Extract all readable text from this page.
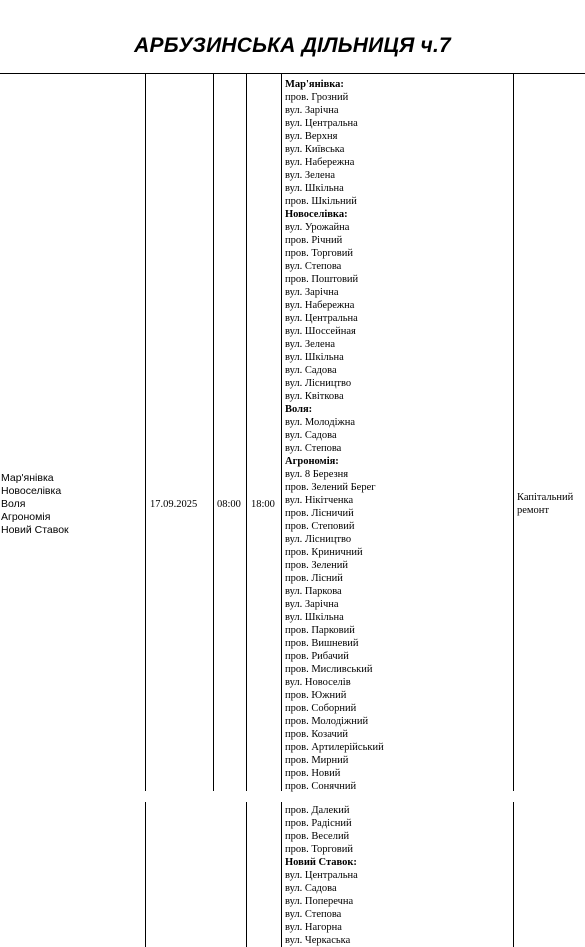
АРБУЗИНСЬКА ДІЛЬНИЦЯ ч.7
Мар'янівка
Новоселівка
Воля
Агрономія
Новий Ставок
17.09.2025 08:00 18:00
Капітальний
ремонт
Мар'янівка:
пров. Грозний
вул. Зарічна
вул. Центральна
вул. Верхня
вул. Київська
вул. Набережна
вул. Зелена
вул. Шкільна
пров. Шкільний
Новоселівка:
вул. Урожайна
пров. Річний
пров. Торговий
вул. Степова
пров. Поштовий
вул. Зарічна
вул. Набережна
вул. Центральна
вул. Шоссейная
вул. Зелена
вул. Шкільна
вул. Садова
вул. Лісництво
вул. Квіткова
Воля:
вул. Молодіжна
вул. Садова
вул. Степова
Агрономія:
вул. 8 Березня
пров. Зелений Берег
вул. Нікітченка
пров. Лісничий
пров. Степовий
вул. Лісництво
пров. Криничний
пров. Зелений
пров. Лісний
вул. Паркова
вул. Зарічна
вул. Шкільна
пров. Парковий
пров. Вишневий
пров. Рибачий
пров. Мисливський
вул. Новоселів
пров. Южний
пров. Соборний
пров. Молодіжний
пров. Козачий
пров. Артилерійський
пров. Мирний
пров. Новий
пров. Сонячний
пров. Далекий
пров. Радісний
пров. Веселий
пров. Торговий
Новий Ставок:
вул. Центральна
вул. Садова
вул. Поперечна
вул. Степова
вул. Нагорна
вул. Черкаська
